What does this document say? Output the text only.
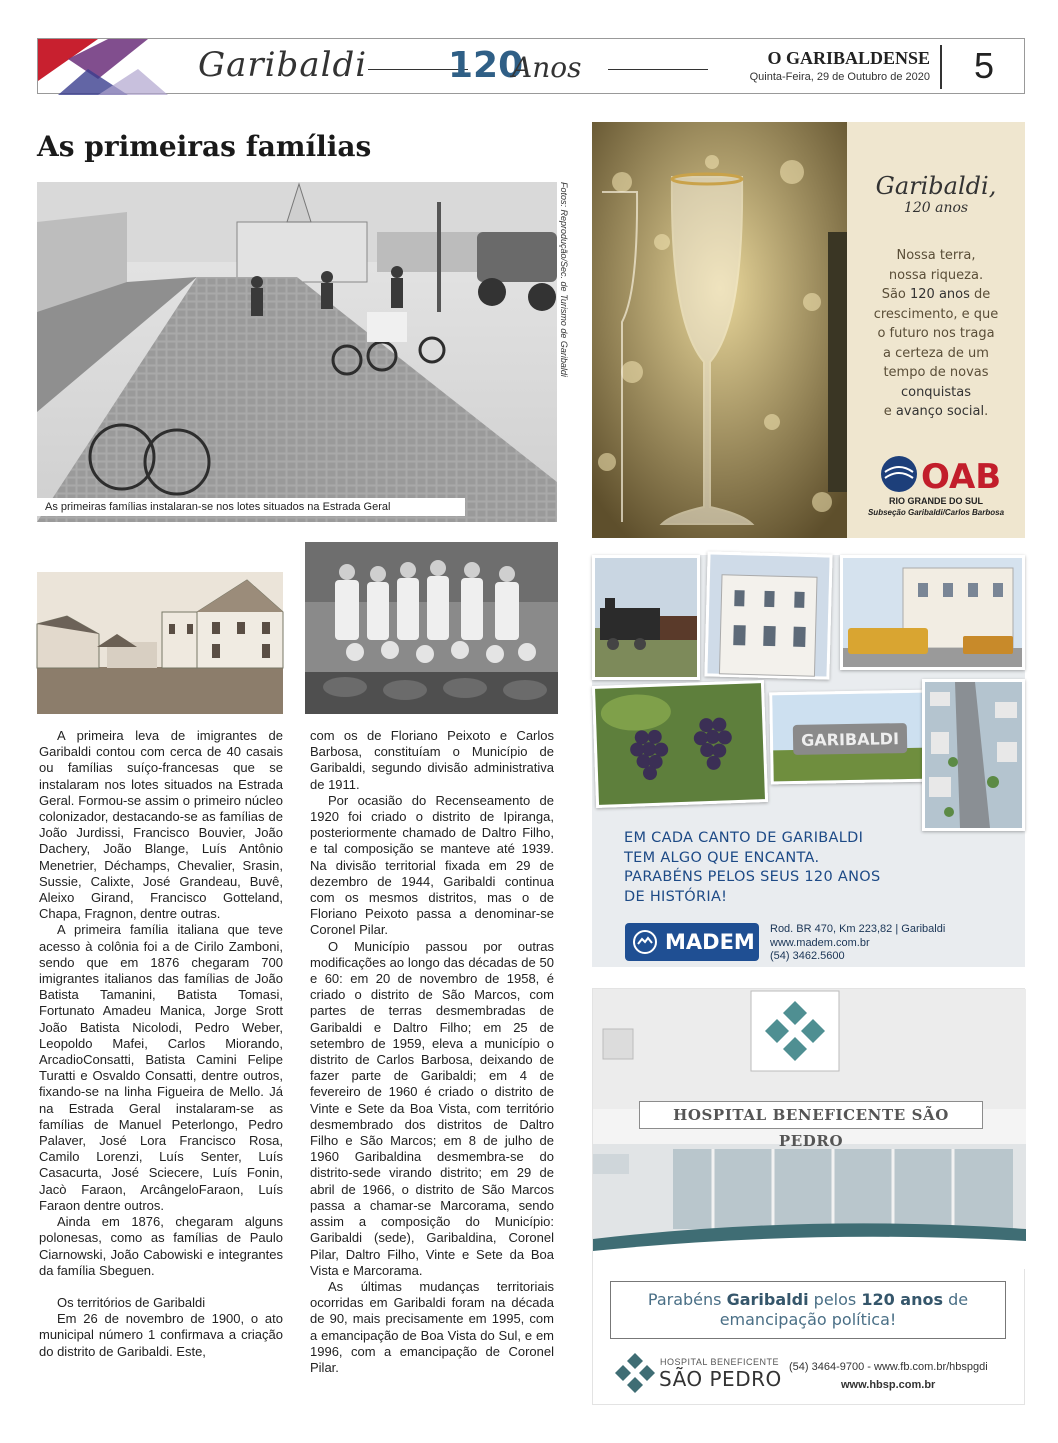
Garibaldi 120
Anos	O GARIBALDENSE
Quinta-Feira, 29 de Outubro de 2020 5
As primeiras famílias
As primeiras famílias instalaran-se nos lotes situados na Estrada Geral
Fotos: Reprodução/Sec. de Turismo de Garibaldi

A primeira leva de imigrantes de Garibaldi contou com cerca de 40 casais ou famílias suíço-francesas que se instalaram nos lotes situados na Estrada Geral. Formou-se assim o primeiro núcleo colonizador, destacando-se as famílias de João Jurdissi, Francisco Bouvier, João Dachery, João Blange, Luís Antônio Menetrier, Déchamps, Chevalier, Srasin, Sussie, Calixte, José Grandeau, Buvê, Aleixo Girand, Francisco Gotteland, Chapa, Fragnon, dentre outras.

A primeira família italiana que teve acesso à colônia foi a de Cirilo Zamboni, sendo que em 1876 chegaram 700 imigrantes italianos das famílias de João Batista Tamanini, Batista Tomasi, Fortunato Amadeu Manica, Jorge Srott João Batista Nicolodi, Pedro Weber, Leopoldo Mafei, Carlos Miorando, ArcadioConsatti, Batista Camini Felipe Turatti e Osvaldo Consatti, dentre outros, fixando-se na linha Figueira de Mello. Já na Estrada Geral instalaram-se as famílias de Manuel Peterlongo, Pedro Palaver, José Lora Francisco Rosa, Camilo Lorenzi, Luís Senter, Luís Casacurta, José Sciecere, Luís Fonin, Jacò Faraon, ArcângeloFaraon, Luís Faraon dentre outros.

Ainda em 1876, chegaram alguns polonesas, como as famílias de Paulo Ciarnowski, João Cabowiski e integrantes da família Sbeguen.

Os territórios de Garibaldi

Em 26 de novembro de 1900, o ato municipal número 1 confirmava a criação do distrito de Garibaldi. Este,

com os de Floriano Peixoto e Carlos Barbosa, constituíam o Município de Garibaldi, segundo divisão administrativa de 1911.

Por ocasião do Recenseamento de 1920 foi criado o distrito de Ipiranga, posteriormente chamado de Daltro Filho, e tal composição se manteve até 1939. Na divisão territorial fixada em 29 de dezembro de 1944, Garibaldi continua com os mesmos distritos, mas o de Floriano Peixoto passa a denominar-se Coronel Pilar.

O Município passou por outras modificações ao longo das décadas de 50 e 60: em 20 de novembro de 1958, é criado o distrito de São Marcos, com partes de terras desmembradas de Garibaldi e Daltro Filho; em 25 de setembro de 1959, eleva a município o distrito de Carlos Barbosa, deixando de fazer parte de Garibaldi; em 4 de fevereiro de 1960 é criado o distrito de Vinte e Sete da Boa Vista, com território desmembrado dos distritos de Daltro Filho e São Marcos; em 8 de julho de 1960 Garibaldina desmembra-se do distrito-sede virando distrito; em 29 de abril de 1966, o distrito de São Marcos passa a chamar-se Marcorama, sendo assim a composição do Município: Garibaldi (sede), Garibaldina, Coronel Pilar, Daltro Filho, Vinte e Sete da Boa Vista e Marcorama.

As últimas mudanças territoriais ocorridas em Garibaldi foram na década de 90, mais precisamente em 1995, com a emancipação de Boa Vista do Sul, e em 1996, com a emancipação de Coronel Pilar.

Garibaldi,
120 anos
Nossa terra,
nossa riqueza.
São 120 anos de
crescimento, e que
o futuro nos traga
a certeza de um
tempo de novas
conquistas
e avanço social.
OAB
RIO GRANDE DO SUL
Subseção Garibaldi/Carlos Barbosa
GARIBALDI
EM CADA CANTO DE GARIBALDI
TEM ALGO QUE ENCANTA.
PARABÉNS PELOS SEUS 120 ANOS
DE HISTÓRIA!
MADEM
Rod. BR 470, Km 223,82 | Garibaldi
www.madem.com.br
(54) 3462.5600
HOSPITAL BENEFICENTE SÃO PEDRO
Parabéns Garibaldi pelos 120 anos de
emancipação política!
HOSPITAL BENEFICENTE
SÃO PEDRO (54) 3464-9700 - www.fb.com.br/hbspgdi
www.hbsp.com.br
